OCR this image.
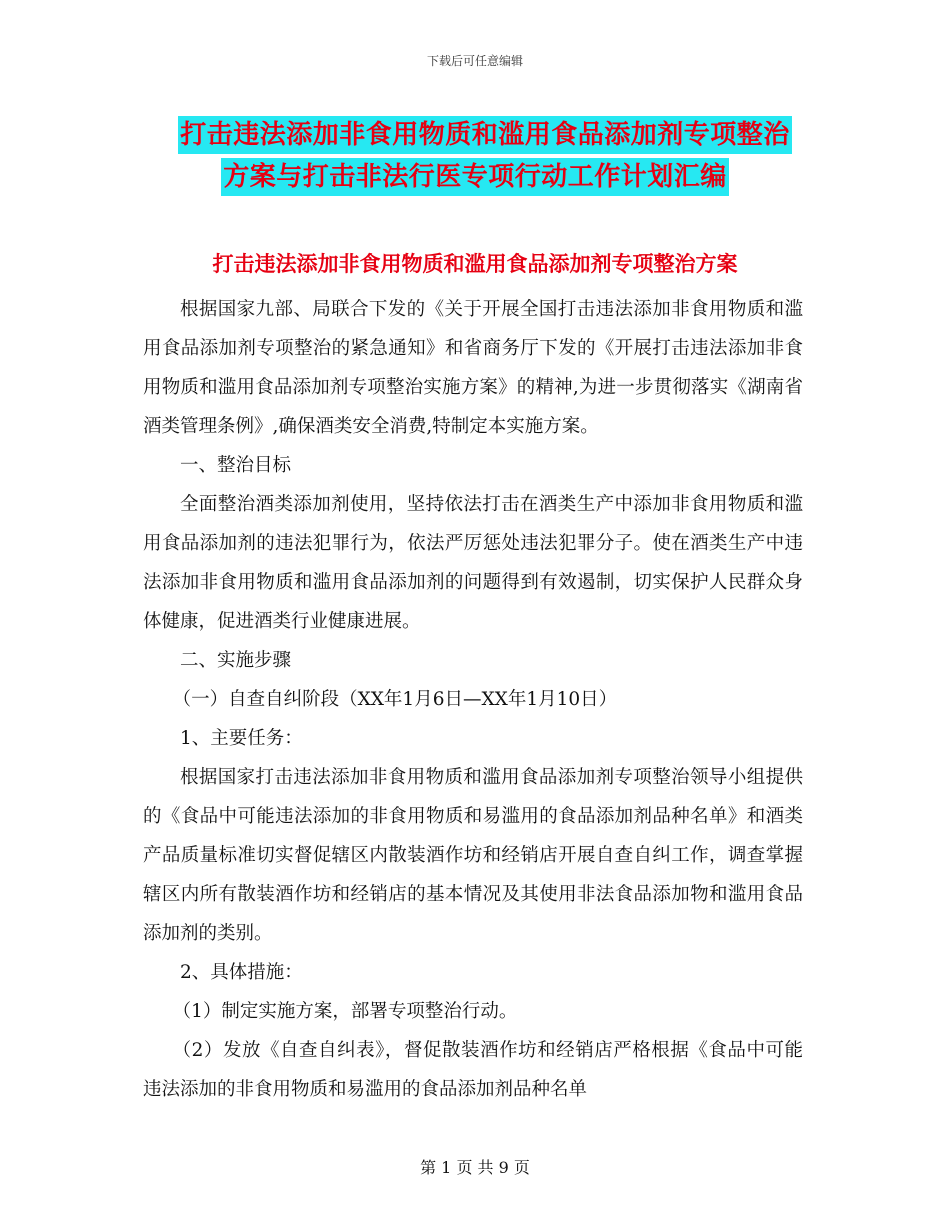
下载后可任意编辑
打击违法添加非食用物质和滥用食品添加剂专项整治
方案与打击非法行医专项行动工作计划汇编
打击违法添加非食用物质和滥用食品添加剂专项整治方案

根据国家九部、局联合下发的《关于开展全国打击违法添加非食用物质和滥用食品添加剂专项整治的紧急通知》和省商务厅下发的《开展打击违法添加非食用物质和滥用食品添加剂专项整治实施方案》的精神,为进一步贯彻落实《湖南省酒类管理条例》,确保酒类安全消费,特制定本实施方案。

一、整治目标

全面整治酒类添加剂使用，坚持依法打击在酒类生产中添加非食用物质和滥用食品添加剂的违法犯罪行为，依法严厉惩处违法犯罪分子。使在酒类生产中违法添加非食用物质和滥用食品添加剂的问题得到有效遏制，切实保护人民群众身体健康，促进酒类行业健康进展。

二、实施步骤

（一）自查自纠阶段（XX年1月6日—XX年1月10日）

1、主要任务：

根据国家打击违法添加非食用物质和滥用食品添加剂专项整治领导小组提供的《食品中可能违法添加的非食用物质和易滥用的食品添加剂品种名单》和酒类产品质量标准切实督促辖区内散装酒作坊和经销店开展自查自纠工作，调查掌握辖区内所有散装酒作坊和经销店的基本情况及其使用非法食品添加物和滥用食品添加剂的类别。

2、具体措施：

（1）制定实施方案，部署专项整治行动。

（2）发放《自查自纠表》，督促散装酒作坊和经销店严格根据《食品中可能违法添加的非食用物质和易滥用的食品添加剂品种名单

第 1 页 共 9 页
